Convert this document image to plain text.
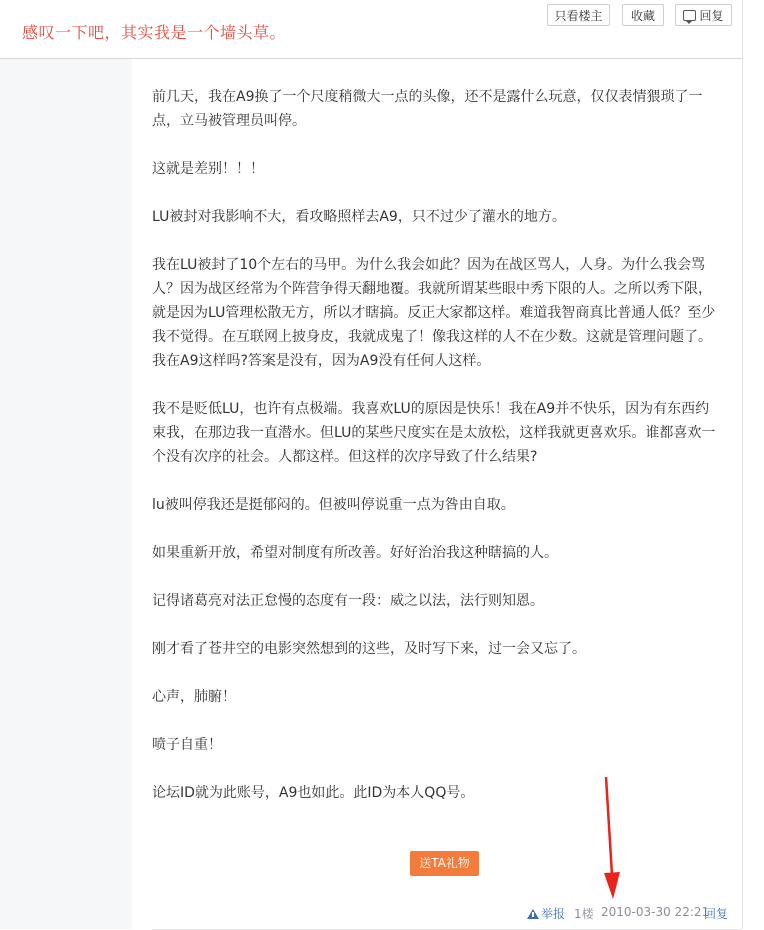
感叹一下吧，其实我是一个墙头草。
只看楼主	收藏	回复

前几天，我在A9换了一个尺度稍微大一点的头像，还不是露什么玩意，仅仅表情猥琐了一点，立马被管理员叫停。

这就是差别！！！

LU被封对我影响不大，看攻略照样去A9，只不过少了灌水的地方。

我在LU被封了10个左右的马甲。为什么我会如此？因为在战区骂人，人身。为什么我会骂人？因为战区经常为个阵营争得天翻地覆。我就所谓某些眼中秀下限的人。之所以秀下限，就是因为LU管理松散无方，所以才瞎搞。反正大家都这样。难道我智商真比普通人低？至少我不觉得。在互联网上披身皮，我就成鬼了！像我这样的人不在少数。这就是管理问题了。我在A9这样吗?答案是没有，因为A9没有任何人这样。

我不是贬低LU，也许有点极端。我喜欢LU的原因是快乐！我在A9并不快乐，因为有东西约束我，在那边我一直潜水。但LU的某些尺度实在是太放松，这样我就更喜欢乐。谁都喜欢一个没有次序的社会。人都这样。但这样的次序导致了什么结果?

lu被叫停我还是挺郁闷的。但被叫停说重一点为咎由自取。

如果重新开放，希望对制度有所改善。好好治治我这种瞎搞的人。

记得诸葛亮对法正怠慢的态度有一段：威之以法，法行则知恩。

刚才看了苍井空的电影突然想到的这些，及时写下来，过一会又忘了。

心声，肺腑！

喷子自重！

论坛ID就为此账号，A9也如此。此ID为本人QQ号。

送TA礼物
举报 1楼 2010-03-30 22:21
回复
